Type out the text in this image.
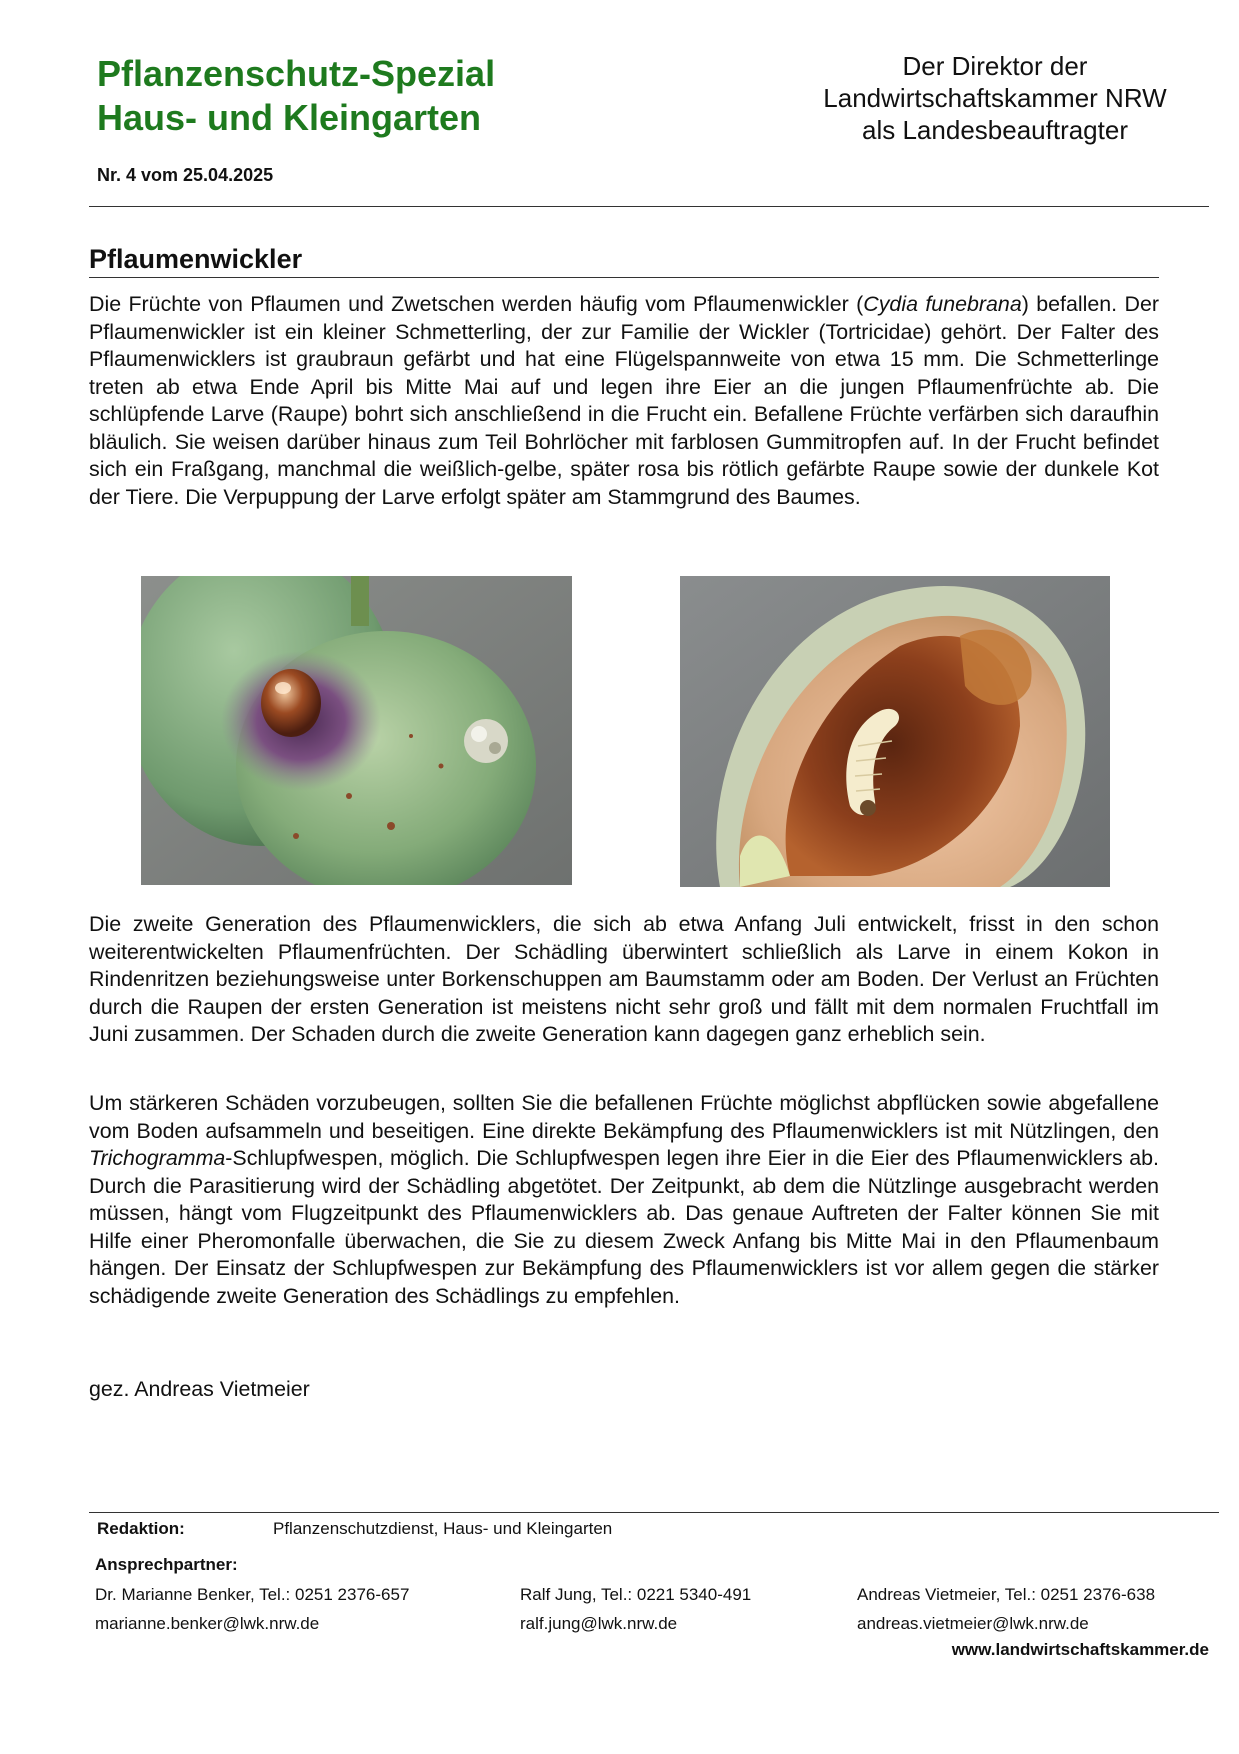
Pflanzenschutz-Spezial
Haus- und Kleingarten
Der Direktor der
Landwirtschaftskammer NRW
als Landesbeauftragter
Nr. 4 vom 25.04.2025
Pflaumenwickler

Die Früchte von Pflaumen und Zwetschen werden häufig vom Pflaumenwickler (Cydia funebrana) befallen. Der Pflaumenwickler ist ein kleiner Schmetterling, der zur Familie der Wickler (Tortricidae) gehört. Der Falter des Pflaumenwicklers ist graubraun gefärbt und hat eine Flügelspannweite von etwa 15 mm. Die Schmetterlinge treten ab etwa Ende April bis Mitte Mai auf und legen ihre Eier an die jungen Pflaumenfrüchte ab. Die schlüpfende Larve (Raupe) bohrt sich anschließend in die Frucht ein. Befallene Früchte verfärben sich daraufhin bläulich. Sie weisen darüber hinaus zum Teil Bohrlöcher mit farblosen Gummitropfen auf. In der Frucht befindet sich ein Fraßgang, manchmal die weißlich-gelbe, später rosa bis rötlich gefärbte Raupe sowie der dunkele Kot der Tiere. Die Verpuppung der Larve erfolgt später am Stammgrund des Baumes.

Die zweite Generation des Pflaumenwicklers, die sich ab etwa Anfang Juli entwickelt, frisst in den schon weiterentwickelten Pflaumenfrüchten. Der Schädling überwintert schließlich als Larve in einem Kokon in Rindenritzen beziehungsweise unter Borkenschuppen am Baumstamm oder am Boden. Der Verlust an Früchten durch die Raupen der ersten Generation ist meistens nicht sehr groß und fällt mit dem normalen Fruchtfall im Juni zusammen. Der Schaden durch die zweite Generation kann dagegen ganz erheblich sein.

Um stärkeren Schäden vorzubeugen, sollten Sie die befallenen Früchte möglichst abpflücken sowie abgefallene vom Boden aufsammeln und beseitigen. Eine direkte Bekämpfung des Pflaumenwicklers ist mit Nützlingen, den Trichogramma-Schlupfwespen, möglich. Die Schlupfwespen legen ihre Eier in die Eier des Pflaumenwicklers ab. Durch die Parasitierung wird der Schädling abgetötet. Der Zeitpunkt, ab dem die Nützlinge ausgebracht werden müssen, hängt vom Flugzeitpunkt des Pflaumenwicklers ab. Das genaue Auftreten der Falter können Sie mit Hilfe einer Pheromonfalle überwachen, die Sie zu diesem Zweck Anfang bis Mitte Mai in den Pflaumenbaum hängen. Der Einsatz der Schlupfwespen zur Bekämpfung des Pflaumenwicklers ist vor allem gegen die stärker schädigende zweite Generation des Schädlings zu empfehlen.

gez. Andreas Vietmeier
Redaktion:	Pflanzenschutzdienst, Haus- und Kleingarten
Ansprechpartner:
Dr. Marianne Benker, Tel.: 0251 2376-657
marianne.benker@lwk.nrw.de
Ralf Jung, Tel.: 0221 5340-491
ralf.jung@lwk.nrw.de
Andreas Vietmeier, Tel.: 0251 2376-638
andreas.vietmeier@lwk.nrw.de
www.landwirtschaftskammer.de
